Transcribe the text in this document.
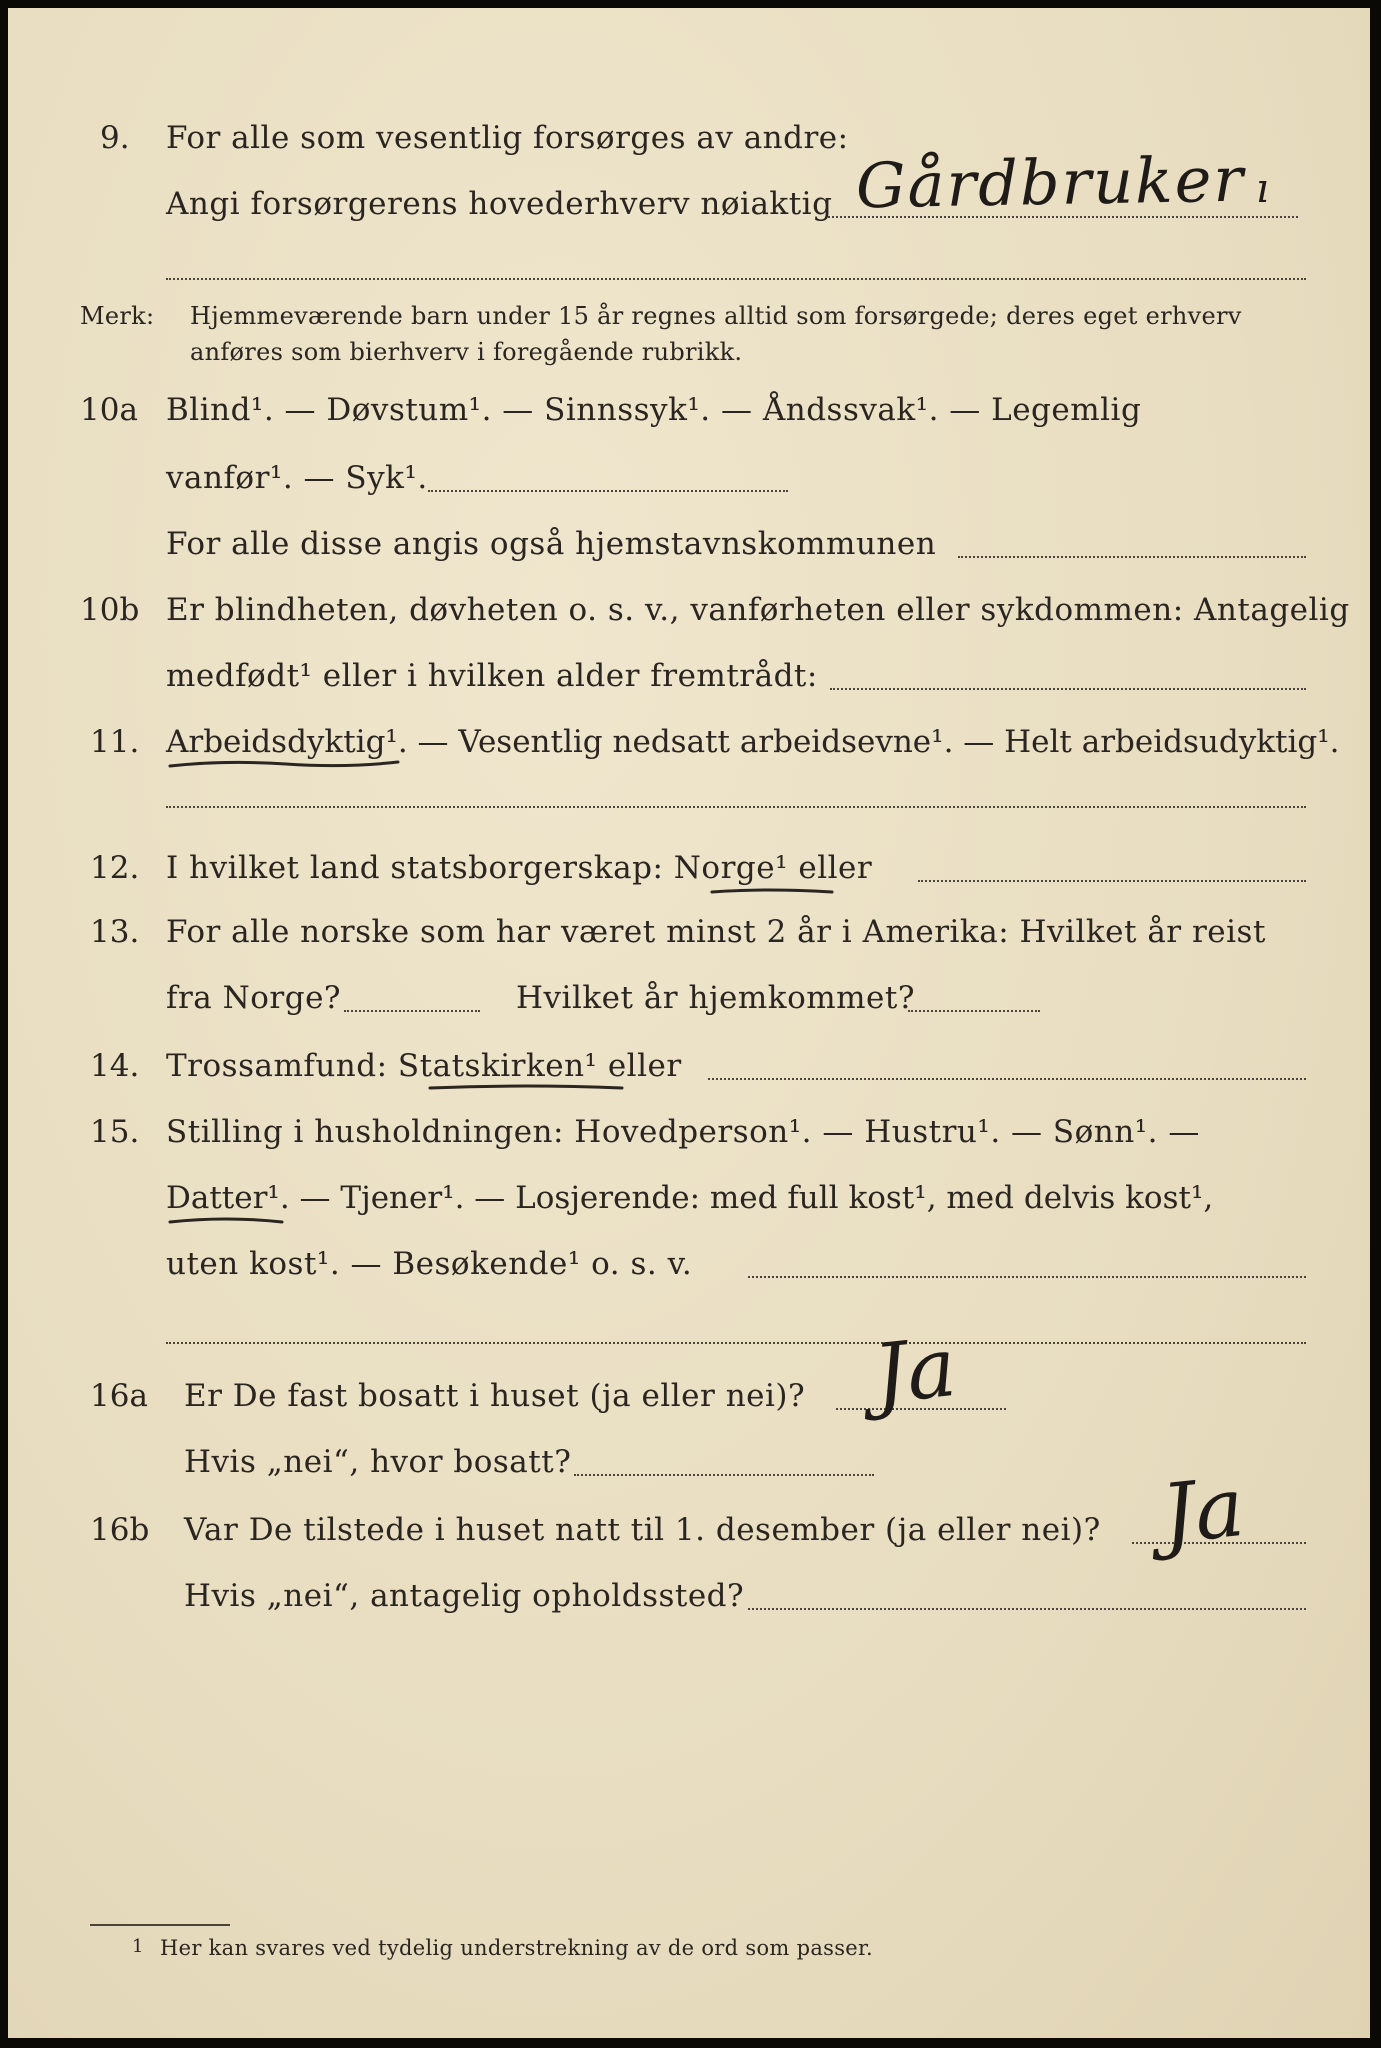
9. For alle som vesentlig forsørges av andre:
Angi forsørgerens hovederhverv nøiaktig Gårdbruker ı
Merk: Hjemmeværende barn under 15 år regnes alltid som forsørgede; deres eget erhverv
anføres som bierhverv i foregående rubrikk.
10a Blind¹. — Døvstum¹. — Sinnssyk¹. — Åndssvak¹. — Legemlig
vanfør¹. — Syk¹.
For alle disse angis også hjemstavnskommunen
10b Er blindheten, døvheten o. s. v., vanførheten eller sykdommen: Antagelig
medfødt¹ eller i hvilken alder fremtrådt:
11. Arbeidsdyktig¹. — Vesentlig nedsatt arbeidsevne¹. — Helt arbeidsudyktig¹.
12. I hvilket land statsborgerskap: Norge¹ eller
13. For alle norske som har været minst 2 år i Amerika: Hvilket år reist
fra Norge?	Hvilket år hjemkommet?
14. Trossamfund: Statskirken¹ eller
15. Stilling i husholdningen: Hovedperson¹. — Hustru¹. — Sønn¹. —
Datter¹. — Tjener¹. — Losjerende: med full kost¹, med delvis kost¹,
uten kost¹. — Besøkende¹ o. s. v.
16a Er De fast bosatt i huset (ja eller nei)? Ja
Hvis „nei“, hvor bosatt?
16b Var De tilstede i huset natt til 1. desember (ja eller nei)? Ja
Hvis „nei“, antagelig opholdssted?
1 Her kan svares ved tydelig understrekning av de ord som passer.
